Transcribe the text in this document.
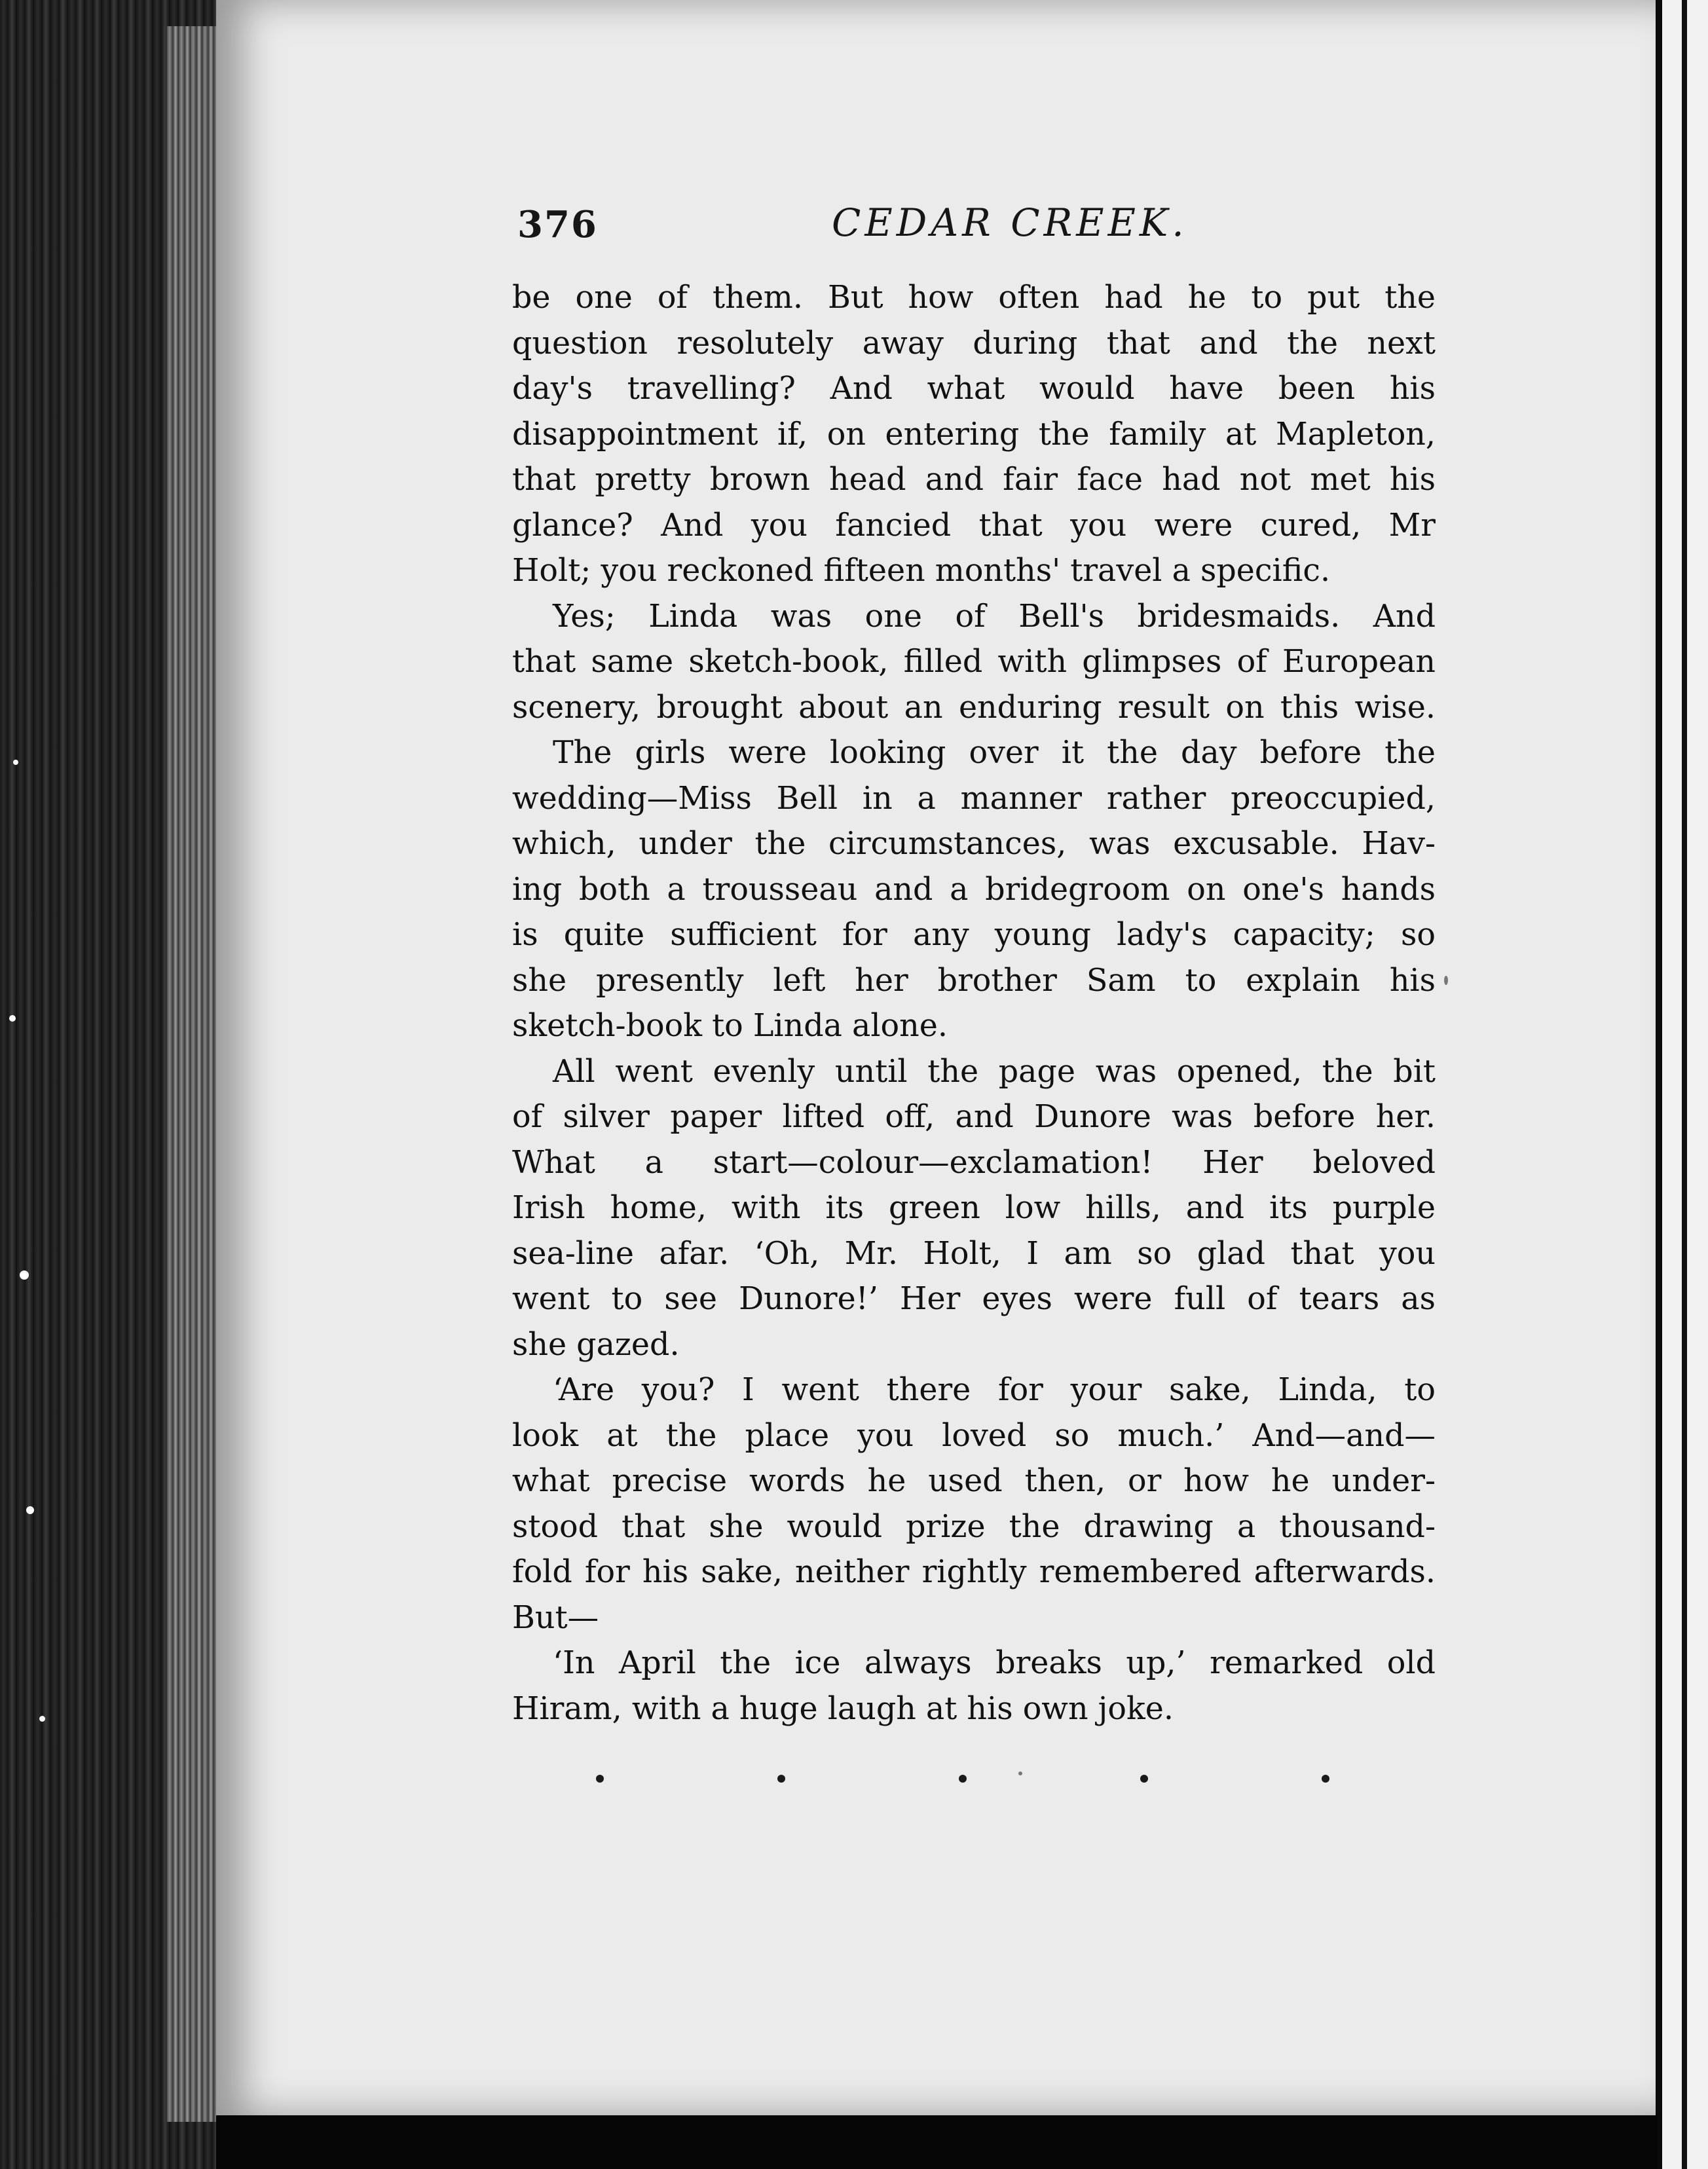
376	CEDAR CREEK.

be one of them. But how often had he to put the
question resolutely away during that and the next
day's travelling? And what would have been his
disappointment if, on entering the family at Mapleton,
that pretty brown head and fair face had not met his
glance? And you fancied that you were cured, Mr
Holt; you reckoned fifteen months' travel a specific.

Yes; Linda was one of Bell's bridesmaids. And
that same sketch-book, filled with glimpses of European
scenery, brought about an enduring result on this wise.

The girls were looking over it the day before the
wedding—Miss Bell in a manner rather preoccupied,
which, under the circumstances, was excusable. Hav-
ing both a trousseau and a bridegroom on one's hands
is quite sufficient for any young lady's capacity; so
she presently left her brother Sam to explain his
sketch-book to Linda alone.

All went evenly until the page was opened, the bit
of silver paper lifted off, and Dunore was before her.
What a start—colour—exclamation! Her beloved
Irish home, with its green low hills, and its purple
sea-line afar. ‘Oh, Mr. Holt, I am so glad that you
went to see Dunore!’ Her eyes were full of tears as
she gazed.

‘Are you? I went there for your sake, Linda, to
look at the place you loved so much.’ And—and—
what precise words he used then, or how he under-
stood that she would prize the drawing a thousand-
fold for his sake, neither rightly remembered afterwards.
But—

‘In April the ice always breaks up,’ remarked old
Hiram, with a huge laugh at his own joke.
